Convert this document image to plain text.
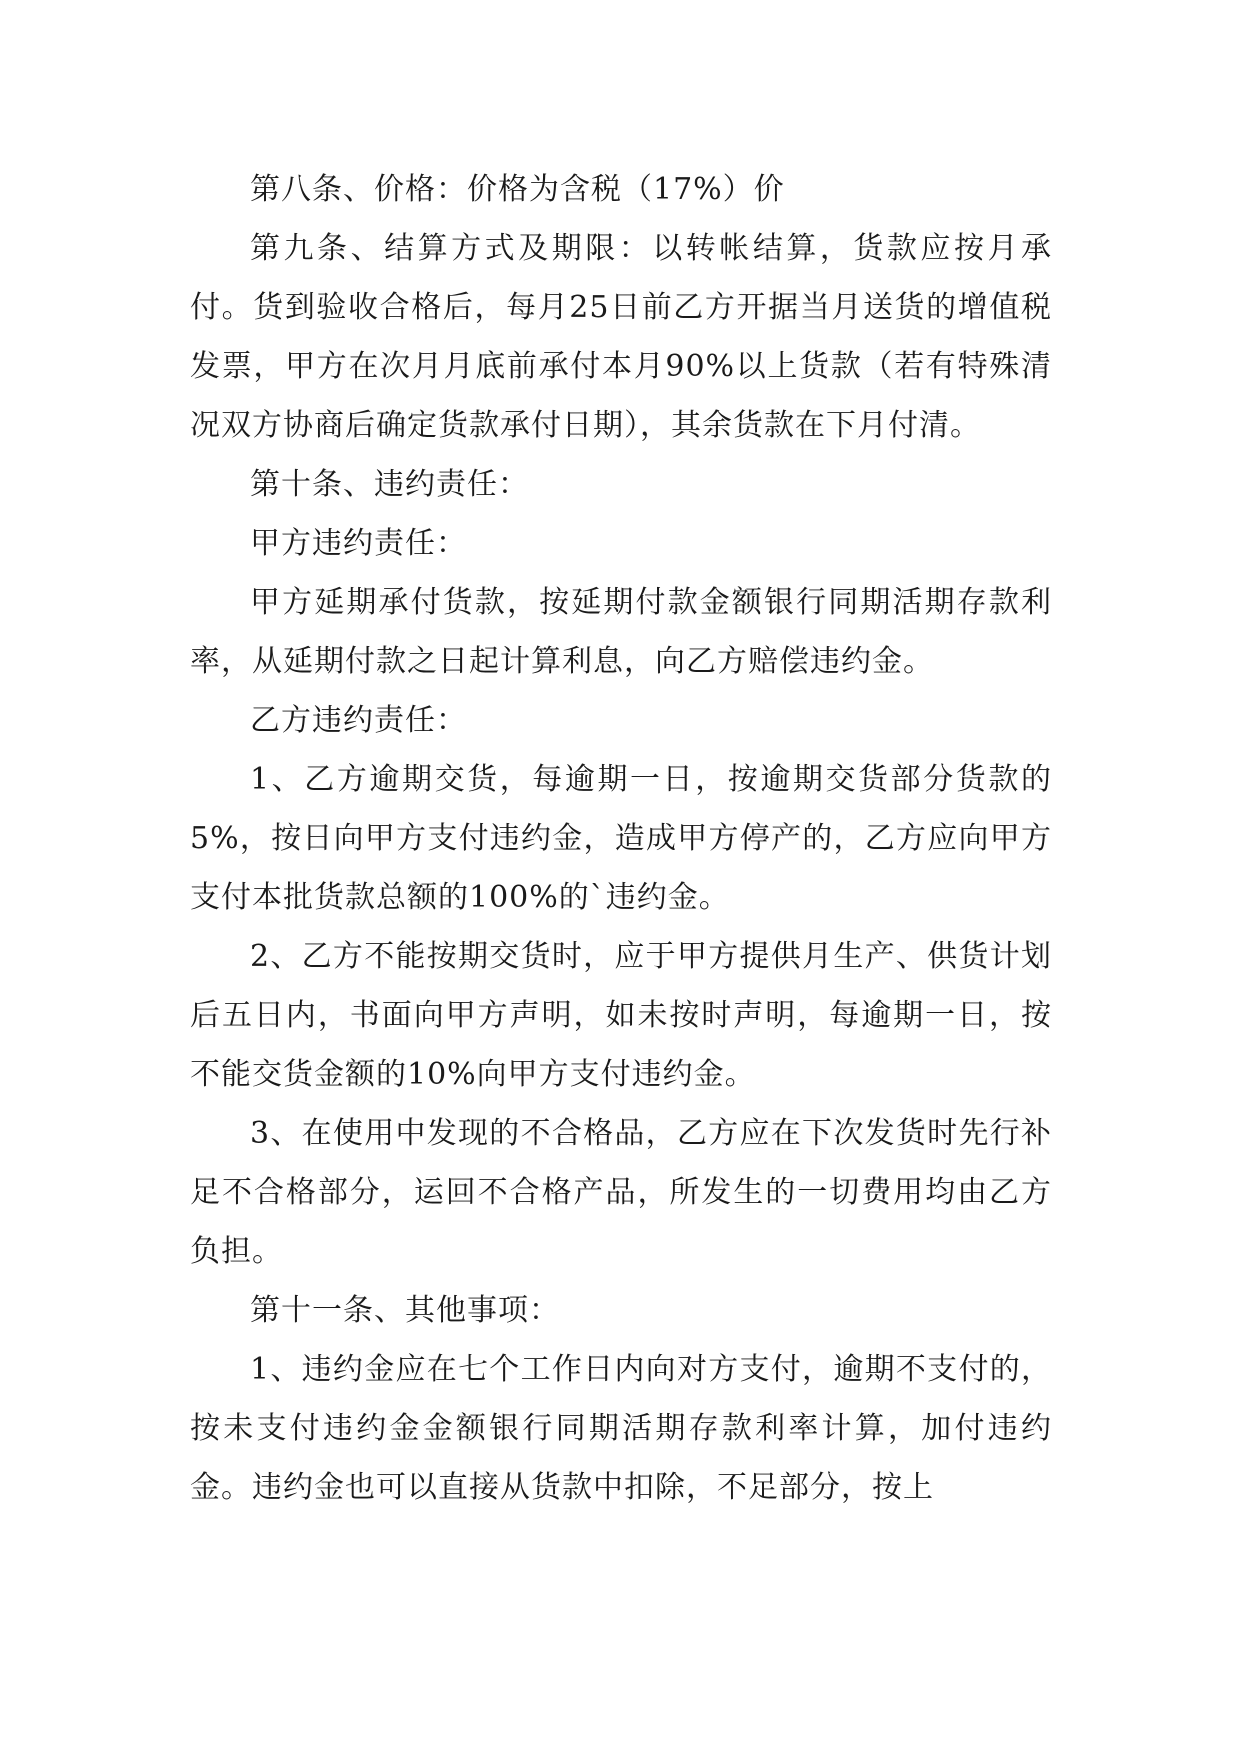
第八条、价格：价格为含税（17%）价

第九条、结算方式及期限：以转帐结算，货款应按月承付。货到验收合格后，每月25日前乙方开据当月送货的增值税发票，甲方在次月月底前承付本月90%以上货款（若有特殊清况双方协商后确定货款承付日期），其余货款在下月付清。

第十条、违约责任：

甲方违约责任：

甲方延期承付货款，按延期付款金额银行同期活期存款利率，从延期付款之日起计算利息，向乙方赔偿违约金。

乙方违约责任：

1、乙方逾期交货，每逾期一日，按逾期交货部分货款的5%，按日向甲方支付违约金，造成甲方停产的，乙方应向甲方支付本批货款总额的100%的`违约金。

2、乙方不能按期交货时，应于甲方提供月生产、供货计划后五日内，书面向甲方声明，如未按时声明，每逾期一日，按不能交货金额的10%向甲方支付违约金。

3、在使用中发现的不合格品，乙方应在下次发货时先行补足不合格部分，运回不合格产品，所发生的一切费用均由乙方负担。

第十一条、其他事项：

1、违约金应在七个工作日内向对方支付，逾期不支付的，按未支付违约金金额银行同期活期存款利率计算，加付违约金。违约金也可以直接从货款中扣除，不足部分，按上
